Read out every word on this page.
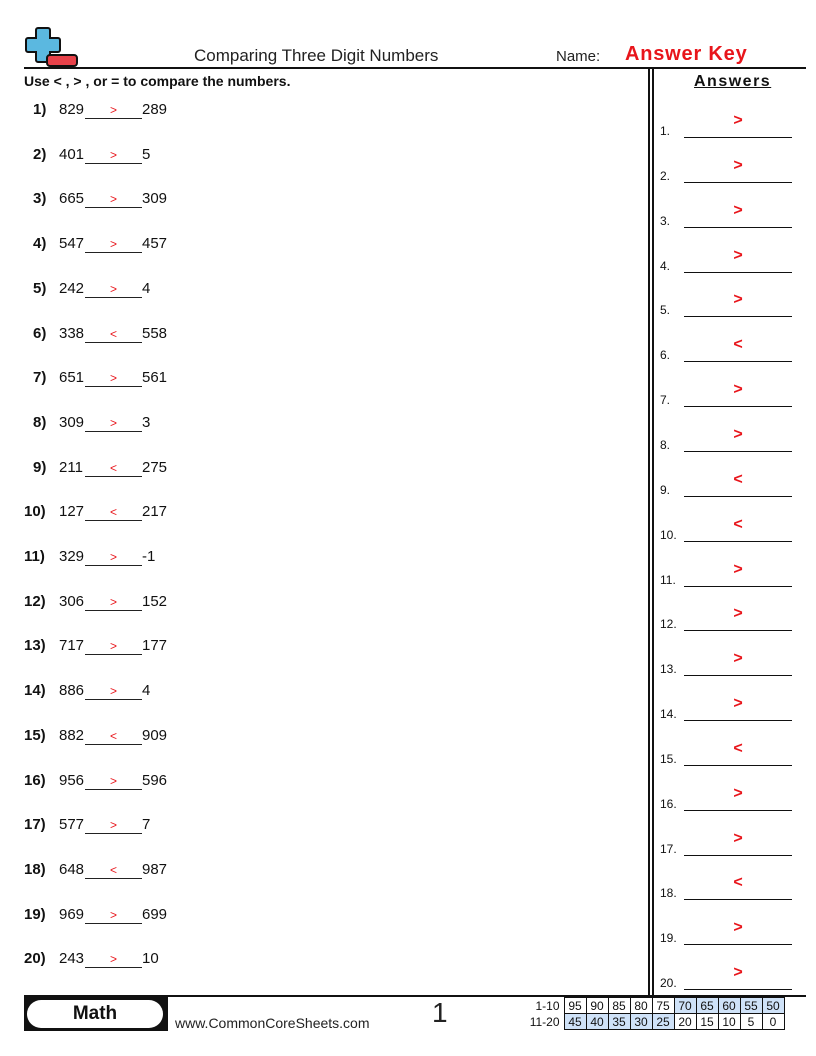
Comparing Three Digit Numbers	Name: Answer Key
Use < , > , or = to compare the numbers.	Answers
1) 829	>	289
2) 401	>	5
3) 665	>	309
4) 547	>	457
5) 242	>	4
6) 338	<	558
7) 651	>	561
8) 309	>	3
9) 211	<	275
10) 127	<	217
11) 329	>	-1
12) 306	>	152
13) 717	>	177
14) 886	>	4
15) 882	<	909
16) 956	>	596
17) 577	>	7
18) 648	<	987
19) 969	>	699
20) 243	>	10
1.
>
2.
>
3.
>
4.
>
5.
>
6.
<
7.
>
8.
>
9.
<
10.
<
11.
>
12.
>
13.
>
14.
>
15.
<
16.
>
17.
>
18.
<
19.
>
20.
>
Math	www.CommonCoreSheets.com 1	1-10	95	90	85	80	75	70	65	60	55	50
11-20	45	40	35	30	25	20	15	10	5	0
